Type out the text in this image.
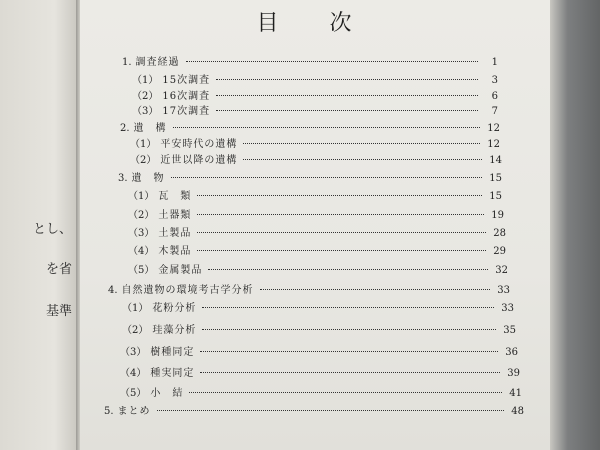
とし、
を省
基準
目 次
1. 調査経過	1
（1） 15次調査	3
（2） 16次調査	6
（3） 17次調査	7
2. 遺　構	12
（1） 平安時代の遺構	12
（2） 近世以降の遺構	14
3. 遺　物	15
（1） 瓦　類	15
（2） 土器類	19
（3） 土製品	28
（4） 木製品	29
（5） 金属製品	32
4. 自然遺物の環境考古学分析	33
（1） 花粉分析	33
（2） 珪藻分析	35
（3） 樹種同定	36
（4） 種実同定	39
（5） 小　結	41
5. まとめ	48
